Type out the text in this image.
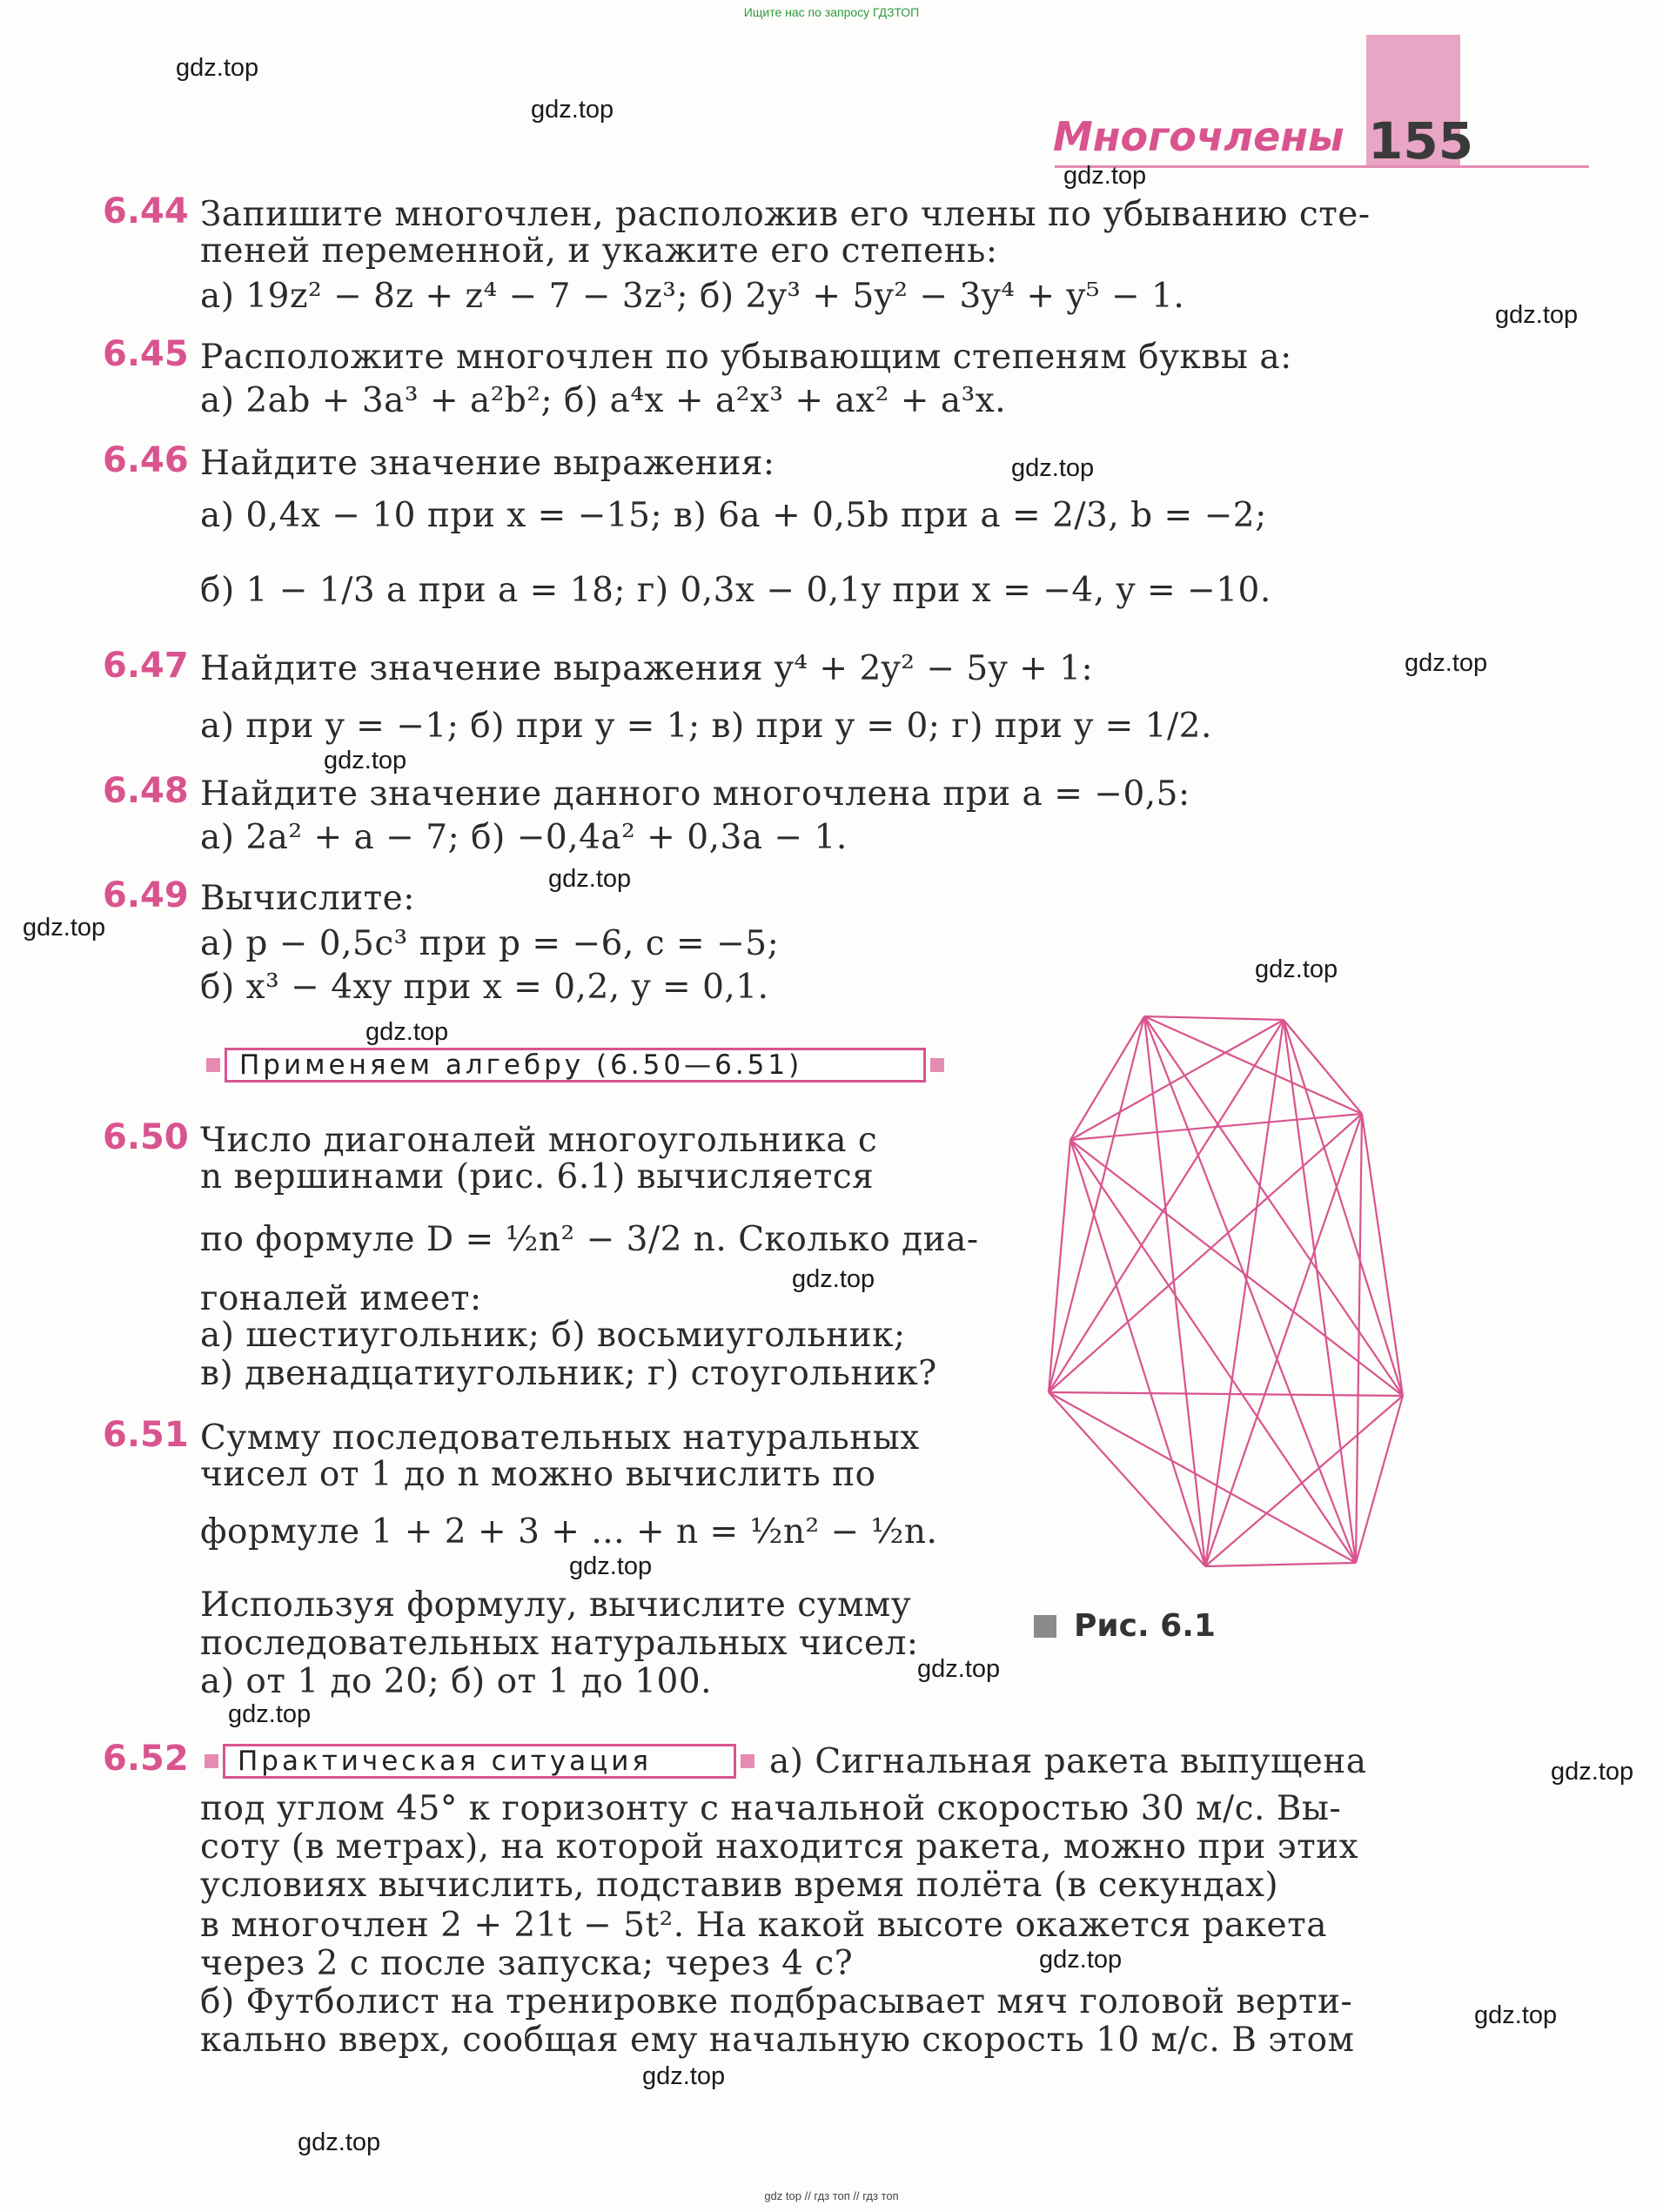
Ищите нас по запросу ГДЗТОП
Многочлены 155
6.44 Запишите многочлен, расположив его члены по убыванию сте-
пеней переменной, и укажите его степень:
а) 19z² − 8z + z⁴ − 7 − 3z³; б) 2y³ + 5y² − 3y⁴ + y⁵ − 1.
6.45 Расположите многочлен по убывающим степеням буквы a:
а) 2ab + 3a³ + a²b²; б) a⁴x + a²x³ + ax² + a³x.
6.46 Найдите значение выражения:
а) 0,4x − 10 при x = −15; в) 6a + 0,5b при a = 2/3, b = −2;
б) 1 − 1/3 a при a = 18; г) 0,3x − 0,1y при x = −4, y = −10.
6.47 Найдите значение выражения y⁴ + 2y² − 5y + 1:
а) при y = −1; б) при y = 1; в) при y = 0; г) при y = 1/2.
6.48 Найдите значение данного многочлена при a = −0,5:
а) 2a² + a − 7; б) −0,4a² + 0,3a − 1.
6.49 Вычислите:
а) p − 0,5c³ при p = −6, c = −5;
б) x³ − 4xy при x = 0,2, y = 0,1.
Применяем алгебру (6.50—6.51)
6.50 Число диагоналей многоугольника с
n вершинами (рис. 6.1) вычисляется
по формуле D = ½n² − 3/2 n. Сколько диа-
гоналей имеет:
а) шестиугольник; б) восьмиугольник;
в) двенадцатиугольник; г) стоугольник?
6.51 Сумму последовательных натуральных
чисел от 1 до n можно вычислить по
формуле 1 + 2 + 3 + ... + n = ½n² − ½n.
Используя формулу, вычислите сумму
последовательных натуральных чисел:
а) от 1 до 20; б) от 1 до 100.
6.52	Практическая ситуация	а) Сигнальная ракета выпущена
под углом 45° к горизонту с начальной скоростью 30 м/с. Вы-
соту (в метрах), на которой находится ракета, можно при этих
условиях вычислить, подставив время полёта (в секундах)
в многочлен 2 + 21t − 5t². На какой высоте окажется ракета
через 2 с после запуска; через 4 с?
б) Футболист на тренировке подбрасывает мяч головой верти-
кально вверх, сообщая ему начальную скорость 10 м/с. В этом
Рис. 6.1
gdz.top
gdz.top
gdz.top
gdz.top
gdz.top
gdz.top
gdz.top
gdz.top
gdz.top
gdz.top
gdz.top
gdz.top
gdz.top
gdz.top
gdz.top
gdz.top
gdz.top
gdz.top
gdz.top
gdz.top
gdz top // гдз топ // гдз топ
